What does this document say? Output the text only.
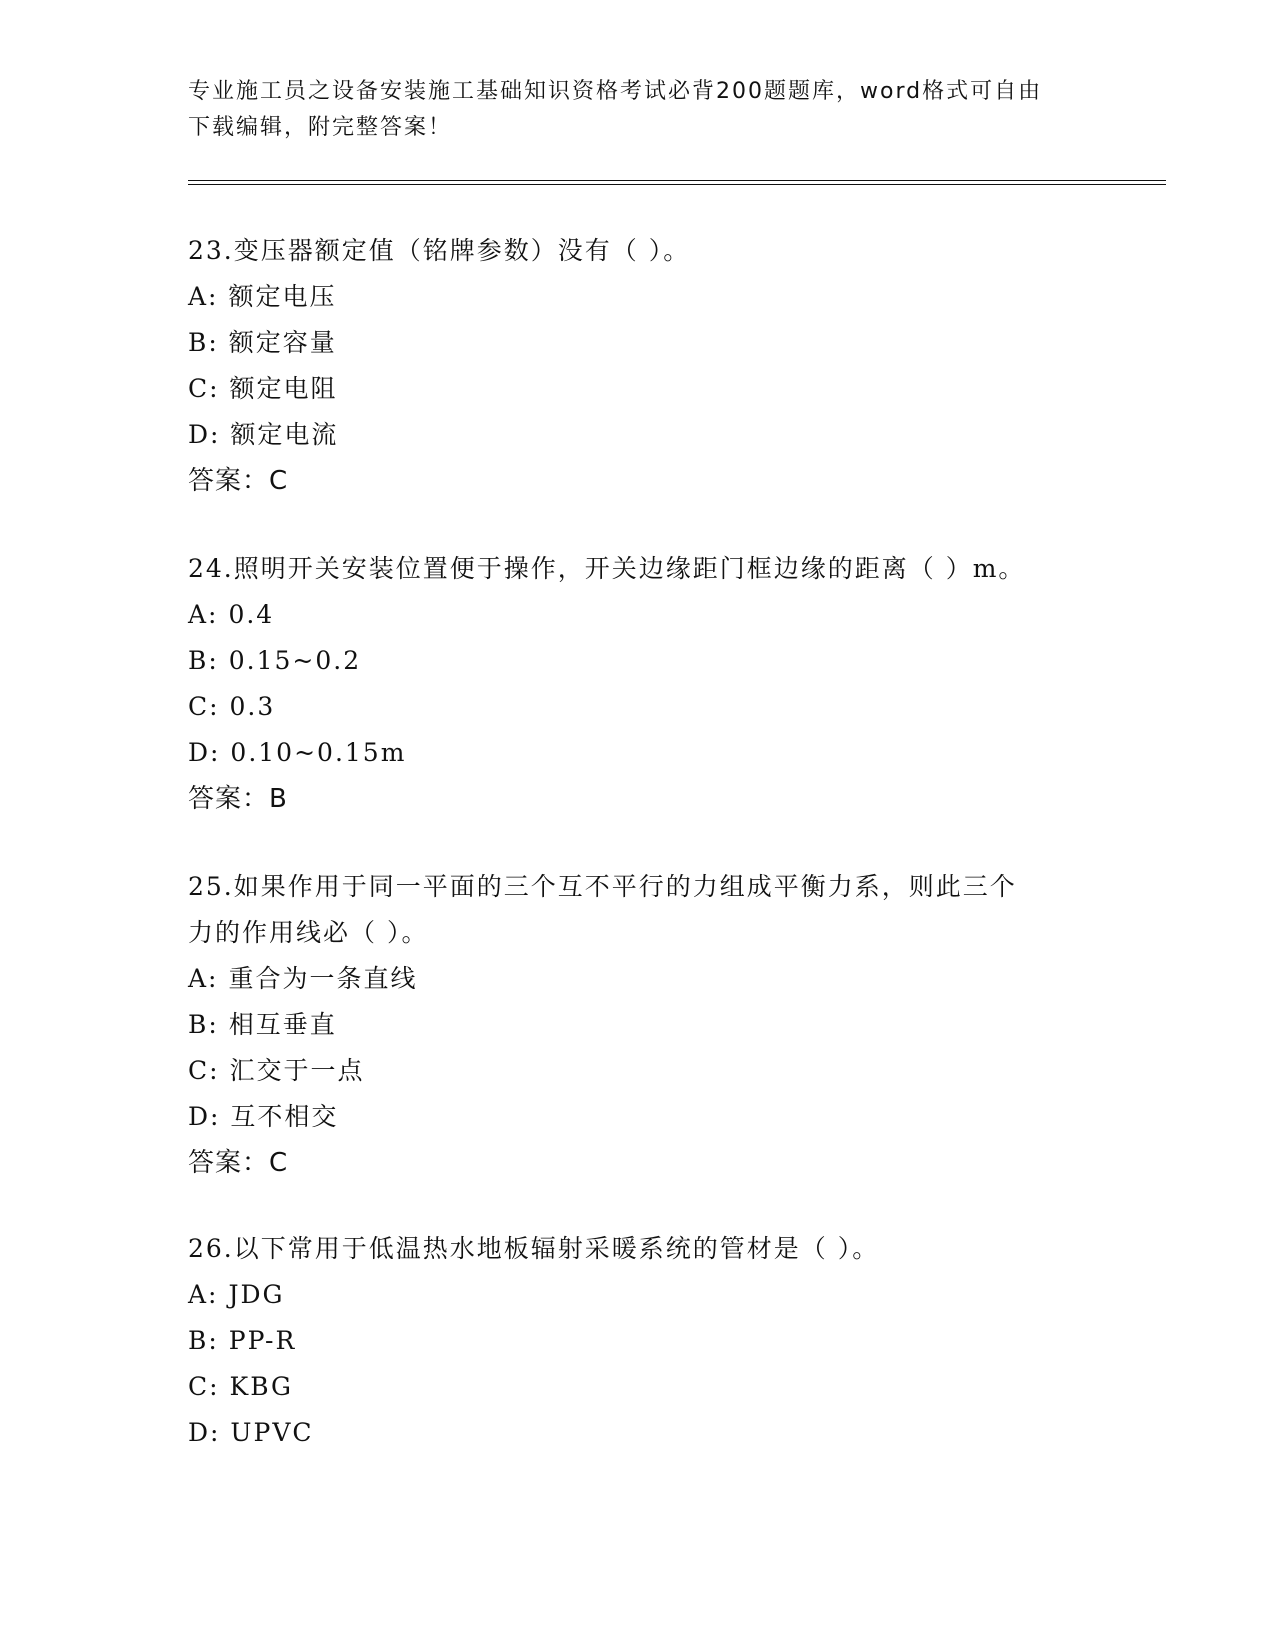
专业施工员之设备安装施工基础知识资格考试必背200题题库，word格式可自由
下载编辑，附完整答案！
23.变压器额定值（铭牌参数）没有（ ）。
A: 额定电压
B: 额定容量
C: 额定电阻
D: 额定电流
答案：C
24.照明开关安装位置便于操作，开关边缘距门框边缘的距离（ ）m。
A: 0.4
B: 0.15~0.2
C: 0.3
D: 0.10~0.15m
答案：B
25.如果作用于同一平面的三个互不平行的力组成平衡力系，则此三个
力的作用线必（ ）。
A: 重合为一条直线
B: 相互垂直
C: 汇交于一点
D: 互不相交
答案：C
26.以下常用于低温热水地板辐射采暖系统的管材是（ ）。
A: JDG
B: PP-R
C: KBG
D: UPVC
